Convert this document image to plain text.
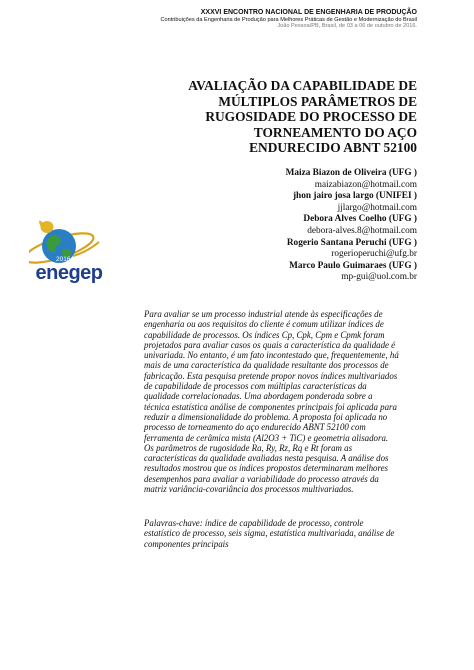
XXXVI ENCONTRO NACIONAL DE ENGENHARIA DE PRODUÇÃO
Contribuições da Engenharia de Produção para Melhores Práticas de Gestão e Modernização do Brasil
João Pessoa/PB, Brasil, de 03 a 06 de outubro de 2016.
AVALIAÇÃO DA CAPABILIDADE DE
MÚLTIPLOS PARÂMETROS DE
RUGOSIDADE DO PROCESSO DE
TORNEAMENTO DO AÇO
ENDURECIDO ABNT 52100
Maiza Biazon de Oliveira (UFG )
maizabiazon@hotmail.com
jhon jairo josa largo (UNIFEI )
jjlargo@hotmail.com
Debora Alves Coelho (UFG )
debora-alves.8@hotmail.com
Rogerio Santana Peruchi (UFG )
rogerioperuchi@ufg.br
Marco Paulo Guimaraes (UFG )
mp-gui@uol.com.br
2016
enegep
Para avaliar se um processo industrial atende às especificações de
engenharia ou aos requisitos do cliente é comum utilizar índices de
capabilidade de processos. Os índices Cp, Cpk, Cpm e Cpmk foram
projetados para avaliar casos os quais a característica da qualidade é
univariada. No entanto, é um fato incontestado que, frequentemente, há
mais de uma característica da qualidade resultante dos processos de
fabricação. Esta pesquisa pretende propor novos índices multivariados
de capabilidade de processos com múltiplas características da
qualidade correlacionadas. Uma abordagem ponderada sobre a
técnica estatística análise de componentes principais foi aplicada para
reduzir a dimensionalidade do problema. A proposta foi aplicada no
processo de torneamento do aço endurecido ABNT 52100 com
ferramenta de cerâmica mista (Al2O3 + TiC) e geometria alisadora.
Os parâmetros de rugosidade Ra, Ry, Rz, Rq e Rt foram as
características da qualidade avaliadas nesta pesquisa. A análise dos
resultados mostrou que os índices propostos determinaram melhores
desempenhos para avaliar a variabilidade do processo através da
matriz variância-covariância dos processos multivariados.
Palavras-chave: índice de capabilidade de processo, controle
estatístico de processo, seis sigma, estatística multivariada, análise de
componentes principais
